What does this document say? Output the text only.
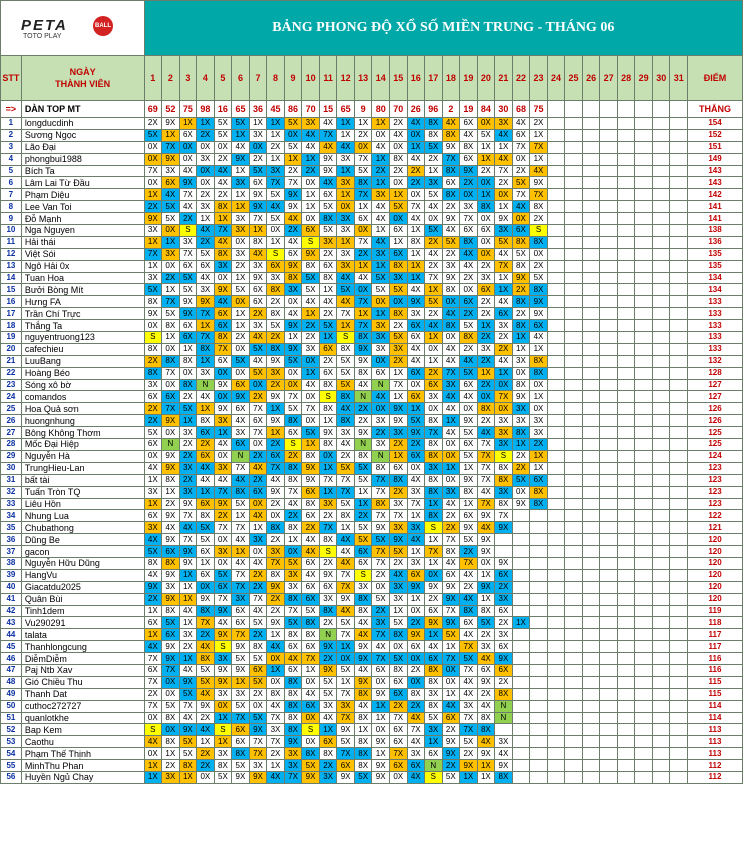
PETA
TOTO PLAY
BALL		BẢNG PHONG ĐỘ XỔ SỐ MIỀN TRUNG - THÁNG 06																															
STT	NGÀY
THÀNH VIÊN	1	2	3	4	5	6	7	8	9	10	11	12	13	14	15	16	17	18	19	20	21	22	23	24	25	26	27	28	29	30	31	ĐIỂM
=>	DÀN TOP MT	69	52	75	98	16	65	36	45	86	70	15	65	9	80	70	26	96	2	19	84	30	68	75									THẮNG
1	longducdinh	2X	9X	1X	1X	5X	5X	1X	1X	5X	3X	4X	1X	1X	1X	2X	4X	8X	4X	6X	0X	3X	4X	2X									154
2	Sương Ngọc	5X	1X	6X	2X	5X	1X	3X	1X	0X	4X	7X	1X	2X	0X	4X	0X	8X	8X	4X	5X	4X	6X	1X									152
3	Lão Đại	0X	7X	0X	0X	0X	4X	0X	2X	5X	4X	4X	4X	0X	4X	0X	1X	5X	9X	8X	1X	1X	7X	7X									151
4	phongbui1988	0X	9X	0X	3X	2X	9X	2X	1X	1X	1X	9X	3X	7X	1X	8X	4X	2X	7X	6X	1X	4X	0X	1X									149
5	Bích Ta	7X	3X	4X	0X	4X	1X	5X	3X	2X	2X	9X	1X	5X	2X	2X	2X	1X	8X	9X	2X	7X	2X	4X									143
6	Lâm Lai Từ Đầu	0X	6X	9X	0X	4X	3X	6X	7X	7X	0X	4X	3X	8X	1X	0X	2X	3X	6X	2X	0X	2X	5X	9X									143
7	Phạm Diệu	1X	4X	7X	2X	2X	1X	9X	5X	9X	1X	6X	1X	7X	3X	1X	0X	5X	8X	0X	1X	0X	7X	7X									142
8	Lee Van Toi	2X	5X	4X	3X	8X	1X	9X	4X	9X	1X	5X	0X	1X	4X	5X	7X	4X	2X	3X	8X	1X	4X	8X									141
9	Đỗ Mạnh	9X	5X	2X	1X	1X	3X	7X	5X	4X	0X	8X	3X	6X	4X	0X	4X	0X	9X	7X	0X	9X	0X	2X									141
10	Nga Nguyen	3X	0X	S	4X	7X	3X	1X	0X	2X	6X	5X	3X	0X	1X	6X	1X	5X	4X	6X	6X	3X	6X	S									138
11	Hải thái	1X	1X	3X	2X	4X	0X	8X	1X	4X	S	3X	1X	7X	4X	1X	8X	2X	5X	8X	0X	5X	8X	8X									136
12	Việt Sói	7X	3X	7X	5X	8X	3X	4X	S	6X	9X	2X	3X	2X	3X	6X	1X	4X	2X	4X	0X	4X	5X	0X									135
13	Ngô Hải 0x	1X	0X	6X	6X	3X	2X	3X	6X	9X	8X	6X	3X	1X	1X	8X	1X	2X	3X	4X	2X	7X	8X	2X									135
14	Tuan Hoa	3X	2X	5X	4X	0X	1X	9X	3X	8X	5X	8X	4X	4X	5X	3X	1X	7X	9X	2X	3X	1X	9X	5X									134
15	Bưởi Bòng Mít	5X	1X	5X	3X	9X	5X	6X	8X	3X	5X	1X	5X	0X	5X	5X	4X	1X	8X	0X	6X	1X	2X	8X									134
16	Hưng FA	8X	7X	9X	9X	4X	0X	6X	2X	0X	4X	4X	4X	7X	0X	0X	9X	5X	0X	6X	2X	4X	8X	9X									133
17	Trần Chí Trực	9X	5X	9X	7X	6X	1X	2X	8X	4X	1X	2X	7X	1X	1X	8X	3X	2X	4X	2X	2X	6X	2X	9X									133
18	Thắng Ta	0X	8X	6X	1X	6X	1X	3X	5X	9X	2X	5X	1X	7X	3X	2X	6X	4X	8X	5X	1X	3X	8X	6X									133
19	nguyentruong123	S	1X	6X	7X	8X	2X	4X	2X	1X	2X	1X	S	8X	3X	5X	6X	1X	0X	8X	2X	2X	1X	4X									133
20	cafechieu	8X	0X	1X	8X	7X	0X	5X	8X	9X	3X	6X	8X	9X	3X	3X	4X	0X	4X	2X	3X	2X	1X	1X									133
21	LuuBang	2X	8X	8X	1X	6X	5X	4X	9X	5X	0X	2X	5X	9X	0X	2X	4X	1X	4X	4X	2X	4X	3X	8X									132
22	Hoàng Béo	8X	7X	0X	3X	0X	0X	5X	3X	0X	1X	6X	5X	8X	6X	1X	6X	2X	7X	5X	1X	1X	0X	8X									128
23	Sóng xô bờ	3X	0X	8X	N	9X	6X	0X	2X	0X	4X	8X	5X	4X	N	7X	0X	6X	3X	6X	2X	0X	8X	0X									127
24	comandos	6X	6X	2X	4X	0X	9X	2X	9X	7X	0X	S	8X	N	4X	1X	6X	3X	4X	4X	0X	7X	9X	1X									127
25	Hoa Quả sơn	2X	7X	5X	1X	9X	6X	7X	1X	5X	7X	8X	4X	2X	0X	9X	1X	0X	4X	0X	8X	0X	3X	0X									126
26	huongnhung	2X	9X	1X	8X	3X	4X	6X	9X	8X	0X	1X	8X	2X	3X	9X	5X	8X	1X	9X	2X	3X	3X	3X									126
27	Bông Không Thơm	5X	0X	3X	6X	1X	3X	7X	1X	6X	5X	9X	3X	9X	2X	3X	9X	7X	4X	5X	4X	3X	8X	3X									125
28	Mốc Đại Hiệp	6X	N	2X	2X	4X	6X	0X	2X	S	1X	8X	4X	N	3X	2X	2X	8X	0X	6X	7X	3X	1X	2X									125
29	Nguyễn Hà	0X	9X	2X	6X	0X	N	2X	6X	2X	8X	0X	2X	8X	N	1X	6X	8X	0X	5X	7X	S	2X	1X									124
30	TrungHieu-Lan	4X	9X	3X	4X	3X	7X	4X	7X	8X	9X	1X	5X	5X	8X	6X	0X	3X	1X	1X	7X	8X	2X	1X									123
31	bất tài	1X	8X	2X	4X	4X	4X	2X	4X	8X	9X	7X	7X	5X	7X	8X	4X	8X	0X	9X	7X	8X	5X	6X									123
32	Tuấn Tròn TQ	3X	1X	3X	1X	7X	8X	6X	9X	7X	6X	1X	7X	1X	7X	2X	3X	8X	3X	8X	4X	3X	0X	8X									123
33	Liêu Hồn	1X	2X	9X	6X	9X	5X	0X	2X	4X	8X	3X	5X	1X	8X	3X	7X	1X	4X	1X	7X	8X	9X	8X									123
34	Nhung Lua	6X	9X	7X	8X	2X	1X	4X	0X	2X	6X	2X	8X	2X	7X	7X	1X	8X	2X	6X	9X	7X											122
35	Chubathong	3X	4X	4X	5X	7X	7X	1X	8X	8X	2X	7X	1X	5X	9X	3X	3X	S	2X	9X	4X	9X											121
36	Dũng Be	4X	9X	7X	5X	0X	4X	3X	2X	1X	4X	8X	4X	5X	5X	9X	4X	1X	7X	5X	9X												120
37	gacon	5X	6X	9X	6X	3X	1X	0X	3X	0X	4X	S	4X	6X	7X	5X	1X	7X	8X	2X	9X												120
38	Nguyễn Hữu Dũng	8X	8X	9X	1X	0X	4X	4X	7X	5X	6X	2X	4X	6X	7X	2X	3X	1X	4X	7X	0X	9X											120
39	HangVu	4X	9X	1X	6X	5X	7X	2X	8X	3X	4X	9X	7X	S	2X	4X	6X	0X	6X	4X	1X	6X											120
40	Giacatdu2025	9X	3X	1X	0X	6X	7X	2X	9X	3X	6X	6X	7X	3X	0X	3X	9X	9X	9X	2X	9X	2X											120
41	Quân Bùi	2X	9X	1X	9X	7X	3X	7X	2X	8X	6X	3X	9X	8X	5X	3X	1X	2X	9X	4X	1X	3X											120
42	Tinh1dem	1X	8X	4X	8X	9X	6X	4X	2X	7X	5X	8X	4X	8X	2X	1X	0X	6X	7X	8X	8X	6X											119
43	Vu290291	6X	5X	1X	7X	4X	6X	5X	9X	5X	8X	2X	5X	4X	3X	5X	2X	9X	9X	6X	5X	2X	1X										118
44	talata	1X	6X	3X	2X	9X	7X	2X	1X	8X	8X	N	7X	4X	7X	8X	9X	1X	5X	4X	2X	3X											117
45	Thanhlongcung	4X	9X	2X	4X	S	9X	8X	4X	6X	6X	9X	1X	9X	4X	0X	6X	4X	1X	7X	3X	6X											117
46	DiễmDiễm	7X	9X	1X	8X	3X	5X	5X	0X	4X	7X	2X	0X	9X	7X	5X	0X	6X	7X	5X	4X	9X											116
47	Paj Ntb Xav	6X	7X	4X	5X	9X	9X	6X	1X	6X	1X	9X	5X	4X	6X	8X	2X	8X	0X	7X	6X	6X											116
48	Gió Chiều Thu	7X	0X	9X	5X	9X	1X	5X	0X	8X	0X	5X	1X	9X	0X	6X	0X	8X	0X	4X	9X	2X											115
49	Thanh Dat	2X	0X	5X	4X	3X	3X	2X	8X	8X	4X	5X	7X	8X	9X	6X	8X	3X	1X	4X	2X	8X											115
50	cuthoc272727	7X	5X	7X	9X	0X	5X	0X	4X	8X	6X	3X	3X	4X	1X	2X	2X	8X	4X	3X	4X	N											114
51	quanlotkhe	0X	8X	4X	2X	1X	7X	5X	7X	8X	0X	4X	7X	8X	1X	7X	4X	5X	6X	7X	8X	N											114
52	Bap Kem	S	0X	9X	4X	S	6X	9X	3X	8X	S	1X	9X	1X	0X	6X	7X	3X	2X	7X	8X												113
53	Caothu	4X	8X	5X	1X	1X	6X	7X	7X	9X	0X	6X	5X	8X	9X	6X	4X	1X	9X	5X	4X	3X											113
54	Phạm Thế Thịnh	0X	1X	5X	2X	3X	8X	7X	2X	3X	8X	8X	7X	8X	1X	7X	3X	6X	9X	2X	9X	4X											113
55	MinhThu Phan	1X	2X	8X	2X	8X	5X	3X	1X	3X	5X	2X	6X	8X	9X	6X	6X	N	2X	9X	1X	9X											112
56	Huyền Ngủ Chay	1X	3X	1X	0X	5X	9X	9X	4X	7X	9X	3X	9X	5X	9X	0X	4X	S	5X	1X	1X	8X											112
